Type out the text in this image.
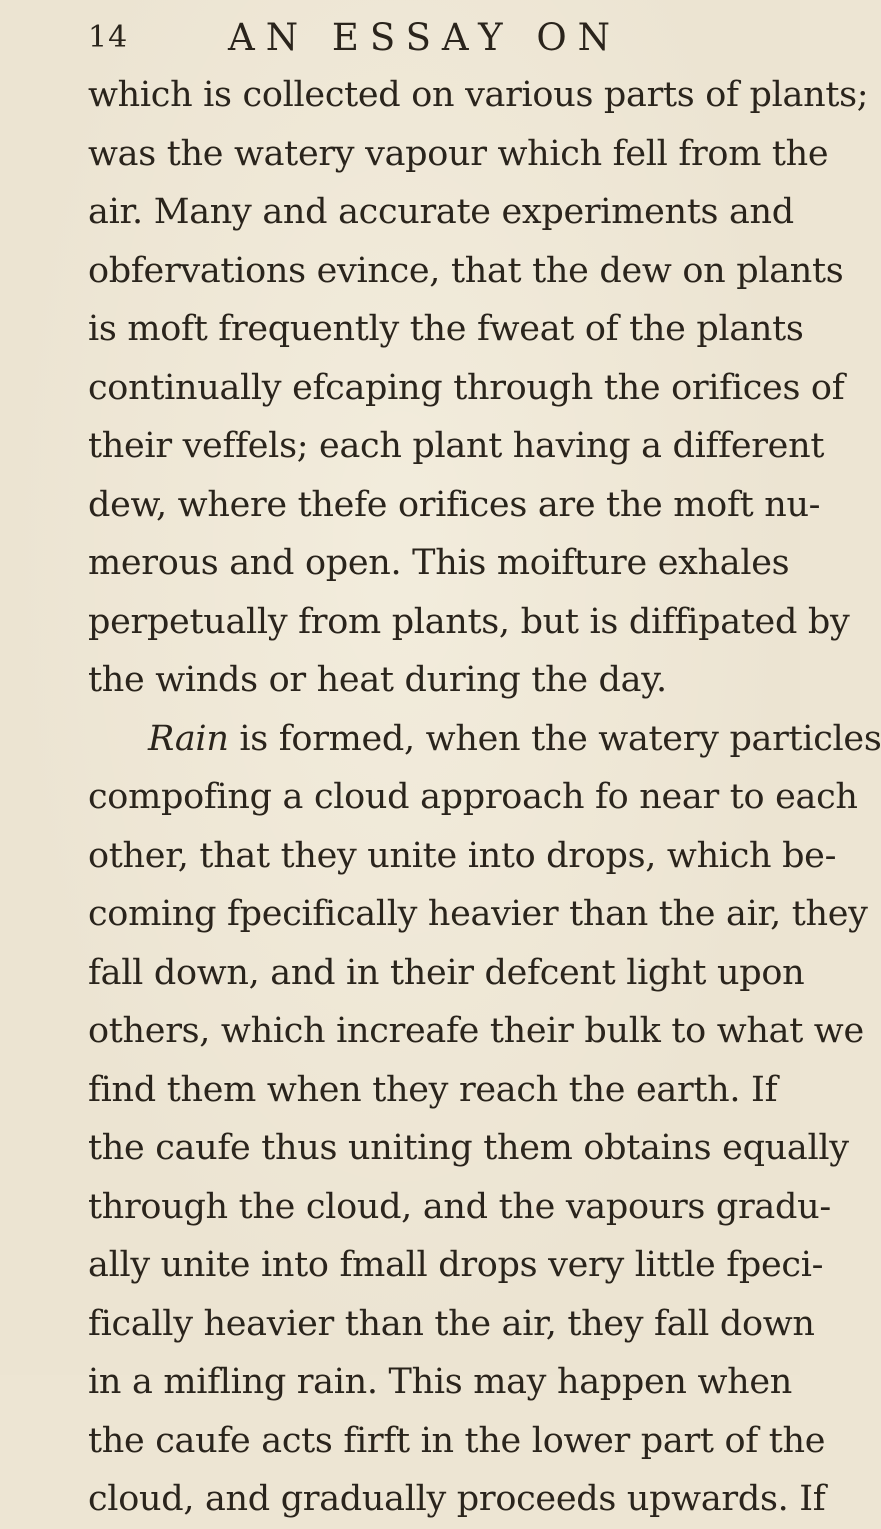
14	AN ESSAY ON
which is collected on various parts of plants;
was the watery vapour which fell from the
air. Many and accurate experiments and
obfervations evince, that the dew on plants
is moft frequently the fweat of the plants
continually efcaping through the orifices of
their veffels; each plant having a different
dew, where thefe orifices are the moft nu-
merous and open. This moifture exhales
perpetually from plants, but is diffipated by
the winds or heat during the day.
Rain is formed, when the watery particles
compofing a cloud approach fo near to each
other, that they unite into drops, which be-
coming fpecifically heavier than the air, they
fall down, and in their defcent light upon
others, which increafe their bulk to what we
find them when they reach the earth. If
the caufe thus uniting them obtains equally
through the cloud, and the vapours gradu-
ally unite into fmall drops very little fpeci-
fically heavier than the air, they fall down
in a mifling rain. This may happen when
the caufe acts firft in the lower part of the
cloud, and gradually proceeds upwards. If
